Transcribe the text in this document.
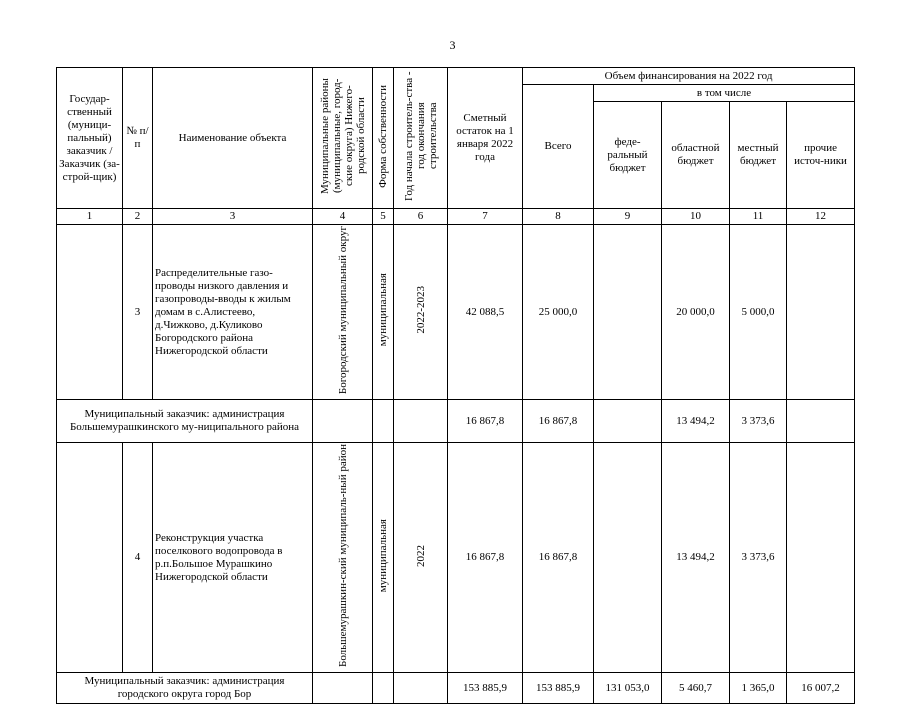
3
Государ-ственный (муници-пальный) заказчик / Заказчик (за-строй-щик)	№ п/п	Наименование объекта	Муниципальные районы (муниципальные, город-ские округа) Нижего-родской области	Форма собственности	Год начала строитель-ства - год окончания строительства	Сметный остаток на 1 января 2022 года	Объем финансирования на 2022 год				
							Всего	в том числе			
								феде-ральный бюджет	областной бюджет	местный бюджет	прочие источ-ники
1	2	3	4	5	6	7	8	9	10	11	12
	3	Распределительные газо-проводы низкого давления и газопроводы-вводы к жилым домам в с.Алистеево, д.Чижково, д.Куликово Богородского района Нижегородской области	Богородский муниципальный округ	муниципальная	2022-2023	42 088,5	25 000,0		20 000,0	5 000,0	
Муниципальный заказчик: администрация Большемурашкинского му-ниципального района						16 867,8	16 867,8		13 494,2	3 373,6	
	4	Реконструкция участка поселкового водопровода в р.п.Большое Мурашкино Нижегородской области	Большемурашкин-ский муниципаль-ный район	муниципальная	2022	16 867,8	16 867,8		13 494,2	3 373,6	
Муниципальный заказчик: администрация городского округа город Бор						153 885,9	153 885,9	131 053,0	5 460,7	1 365,0	16 007,2
